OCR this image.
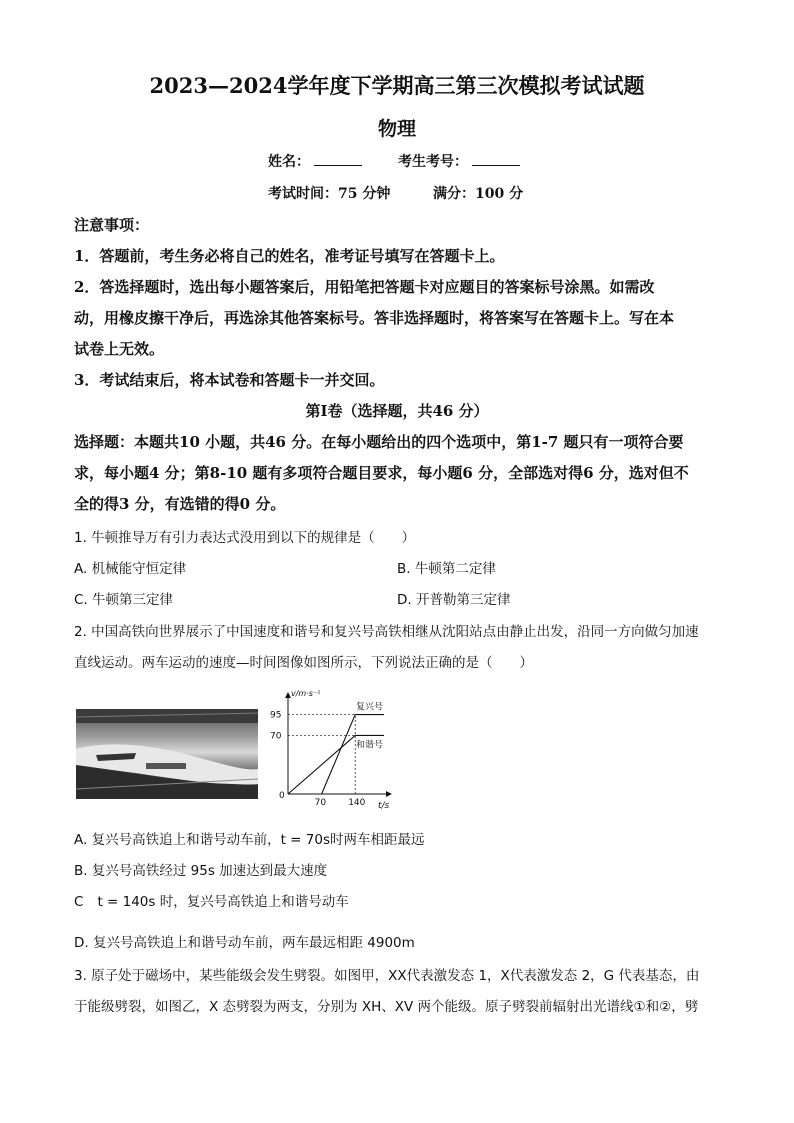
2023—2024学年度下学期高三第三次模拟考试试题
物理
姓名：	考生考号：
考试时间：75 分钟	满分：100 分
注意事项：
1．答题前，考生务必将自己的姓名，准考证号填写在答题卡上。
2．答选择题时，选出每小题答案后，用铅笔把答题卡对应题目的答案标号涂黑。如需改
动，用橡皮擦干净后，再选涂其他答案标号。答非选择题时，将答案写在答题卡上。写在本
试卷上无效。
3．考试结束后，将本试卷和答题卡一并交回。
第Ⅰ卷（选择题，共46 分）
选择题：本题共10 小题，共46 分。在每小题给出的四个选项中，第1-7 题只有一项符合要
求，每小题4 分；第8-10 题有多项符合题目要求，每小题6 分，全部选对得6 分，选对但不
全的得3 分，有选错的得0 分。
1. 牛顿推导万有引力表达式没用到以下的规律是（　　）
A. 机械能守恒定律	B. 牛顿第二定律
C. 牛顿第三定律	D. 开普勒第三定律
2. 中国高铁向世界展示了中国速度和谐号和复兴号高铁相继从沈阳站点由静止出发，沿同一方向做匀加速
直线运动。两车运动的速度—时间图像如图所示，下列说法正确的是（　　）
v/m·s⁻¹
t/s
0
70
95
70 140
复兴号
和谐号
A. 复兴号高铁追上和谐号动车前，t = 70s时两车相距最远
B. 复兴号高铁经过 95s 加速达到最大速度
C t = 140s 时，复兴号高铁追上和谐号动车
D. 复兴号高铁追上和谐号动车前，两车最远相距 4900m
3. 原子处于磁场中，某些能级会发生劈裂。如图甲，XX代表激发态 1，X代表激发态 2，G 代表基态，由
于能级劈裂，如图乙，X 态劈裂为两支，分别为 XH、XV 两个能级。原子劈裂前辐射出光谱线①和②，劈
